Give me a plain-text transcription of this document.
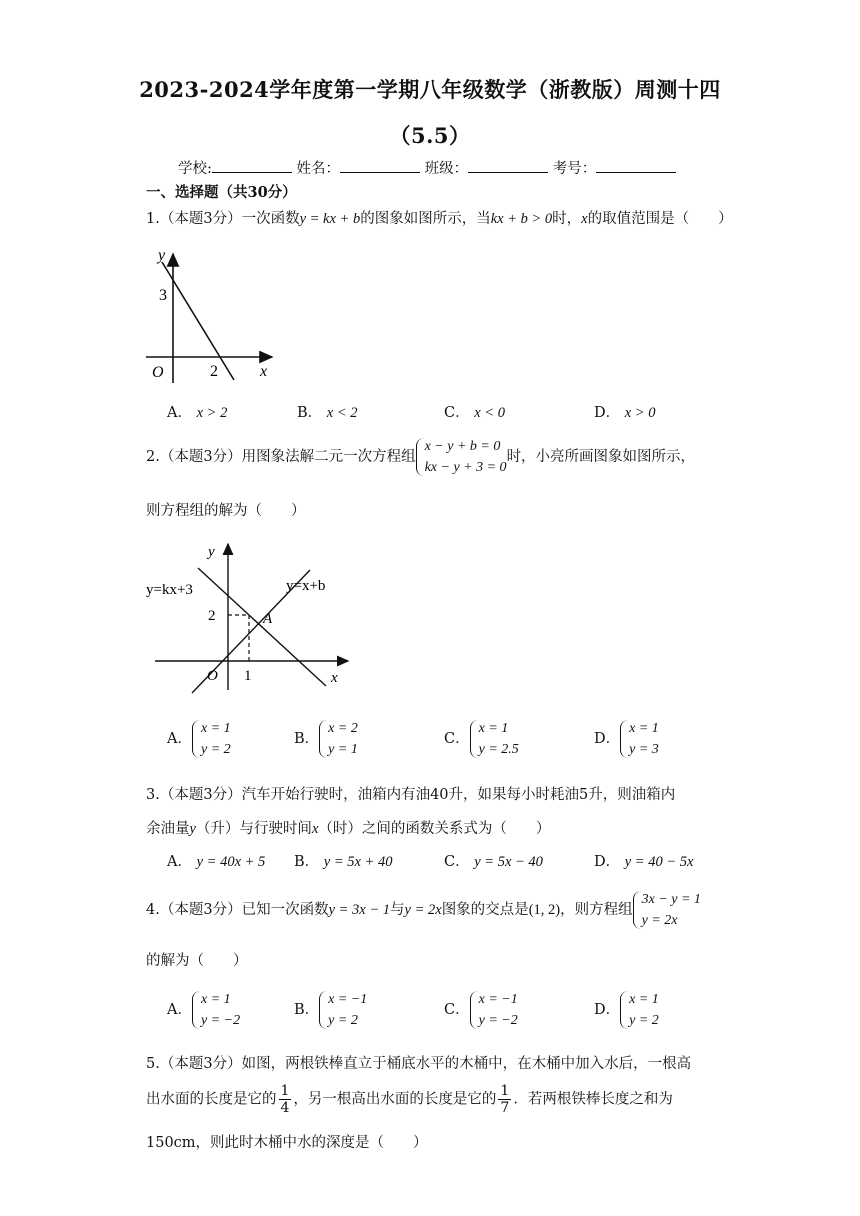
2023-2024学年度第一学期八年级数学（浙教版）周测十四
（5.5）
学校:	姓名：	班级：	考号：
一、选择题（共30分）
1.（本题3分）一次函数y = kx + b的图象如图所示，当kx + b > 0时，x的取值范围是（　　）
y
x
O
3
2
A． x > 2	B． x < 2	C． x < 0	D． x > 0
2.（本题3分）用图象法解二元一次方程组
x − y + b = 0
kx − y + 3 = 0
时，小亮所画图象如图所示，
则方程组的解为（　　）
y
x
O
y=kx+3	y=x+b
A
2
1
A．
x = 1
y = 2
B．
x = 2
y = 1
C．
x = 1
y = 2.5
D．
x = 1
y = 3
3.（本题3分）汽车开始行驶时，油箱内有油40升，如果每小时耗油5升，则油箱内
余油量y（升）与行驶时间x（时）之间的函数关系式为（　　）
A． y = 40x + 5 B． y = 5x + 40	C． y = 5x − 40	D． y = 40 − 5x
4.（本题3分）已知一次函数y = 3x − 1与y = 2x图象的交点是(1, 2)，则方程组
3x − y = 1
y = 2x
的解为（　　）
A．
x = 1
y = −2
B．
x = −1
y = 2
C．
x = −1
y = −2
D．
x = 1
y = 2
5.（本题3分）如图，两根铁棒直立于桶底水平的木桶中，在木桶中加入水后，一根高
出水面的长度是它的 $\frac{1}{4}$ ，另一根高出水面的长度是它的 $\frac{1}{7}$ ．若两根铁棒长度之和为
150cm，则此时木桶中水的深度是（　　）
